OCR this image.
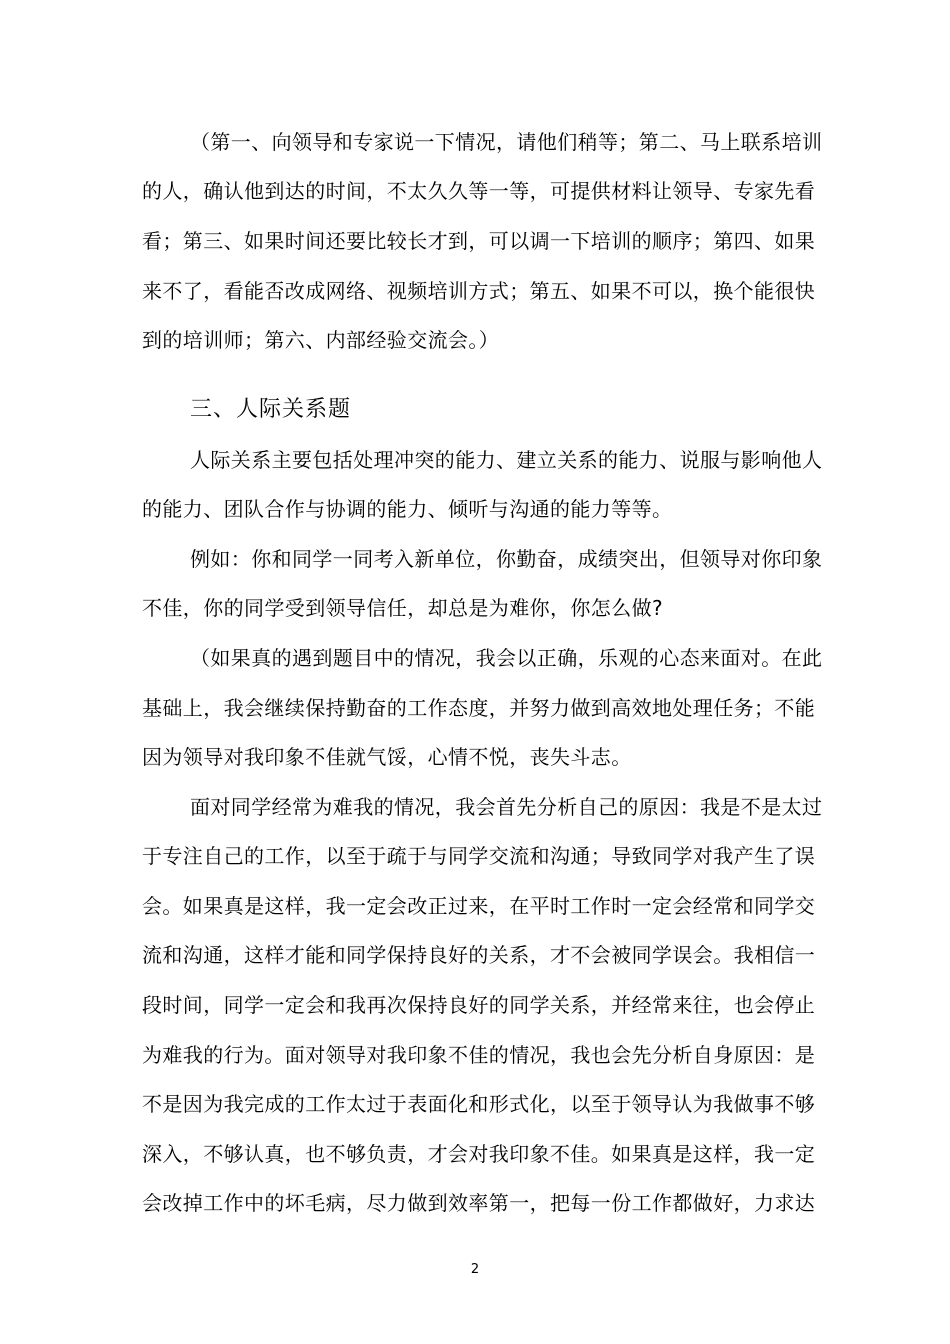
（第一、向领导和专家说一下情况，请他们稍等；第二、马上联系培训
的人，确认他到达的时间，不太久久等一等，可提供材料让领导、专家先看
看；第三、如果时间还要比较长才到，可以调一下培训的顺序；第四、如果
来不了，看能否改成网络、视频培训方式；第五、如果不可以，换个能很快
到的培训师；第六、内部经验交流会。）
三、人际关系题
人际关系主要包括处理冲突的能力、建立关系的能力、说服与影响他人
的能力、团队合作与协调的能力、倾听与沟通的能力等等。
例如：你和同学一同考入新单位，你勤奋，成绩突出，但领导对你印象
不佳，你的同学受到领导信任，却总是为难你，你怎么做?
（如果真的遇到题目中的情况，我会以正确，乐观的心态来面对。在此
基础上，我会继续保持勤奋的工作态度，并努力做到高效地处理任务；不能
因为领导对我印象不佳就气馁，心情不悦，丧失斗志。
面对同学经常为难我的情况，我会首先分析自己的原因：我是不是太过
于专注自己的工作，以至于疏于与同学交流和沟通；导致同学对我产生了误
会。如果真是这样，我一定会改正过来，在平时工作时一定会经常和同学交
流和沟通，这样才能和同学保持良好的关系，才不会被同学误会。我相信一
段时间，同学一定会和我再次保持良好的同学关系，并经常来往，也会停止
为难我的行为。面对领导对我印象不佳的情况，我也会先分析自身原因：是
不是因为我完成的工作太过于表面化和形式化，以至于领导认为我做事不够
深入，不够认真，也不够负责，才会对我印象不佳。如果真是这样，我一定
会改掉工作中的坏毛病，尽力做到效率第一，把每一份工作都做好，力求达
2
